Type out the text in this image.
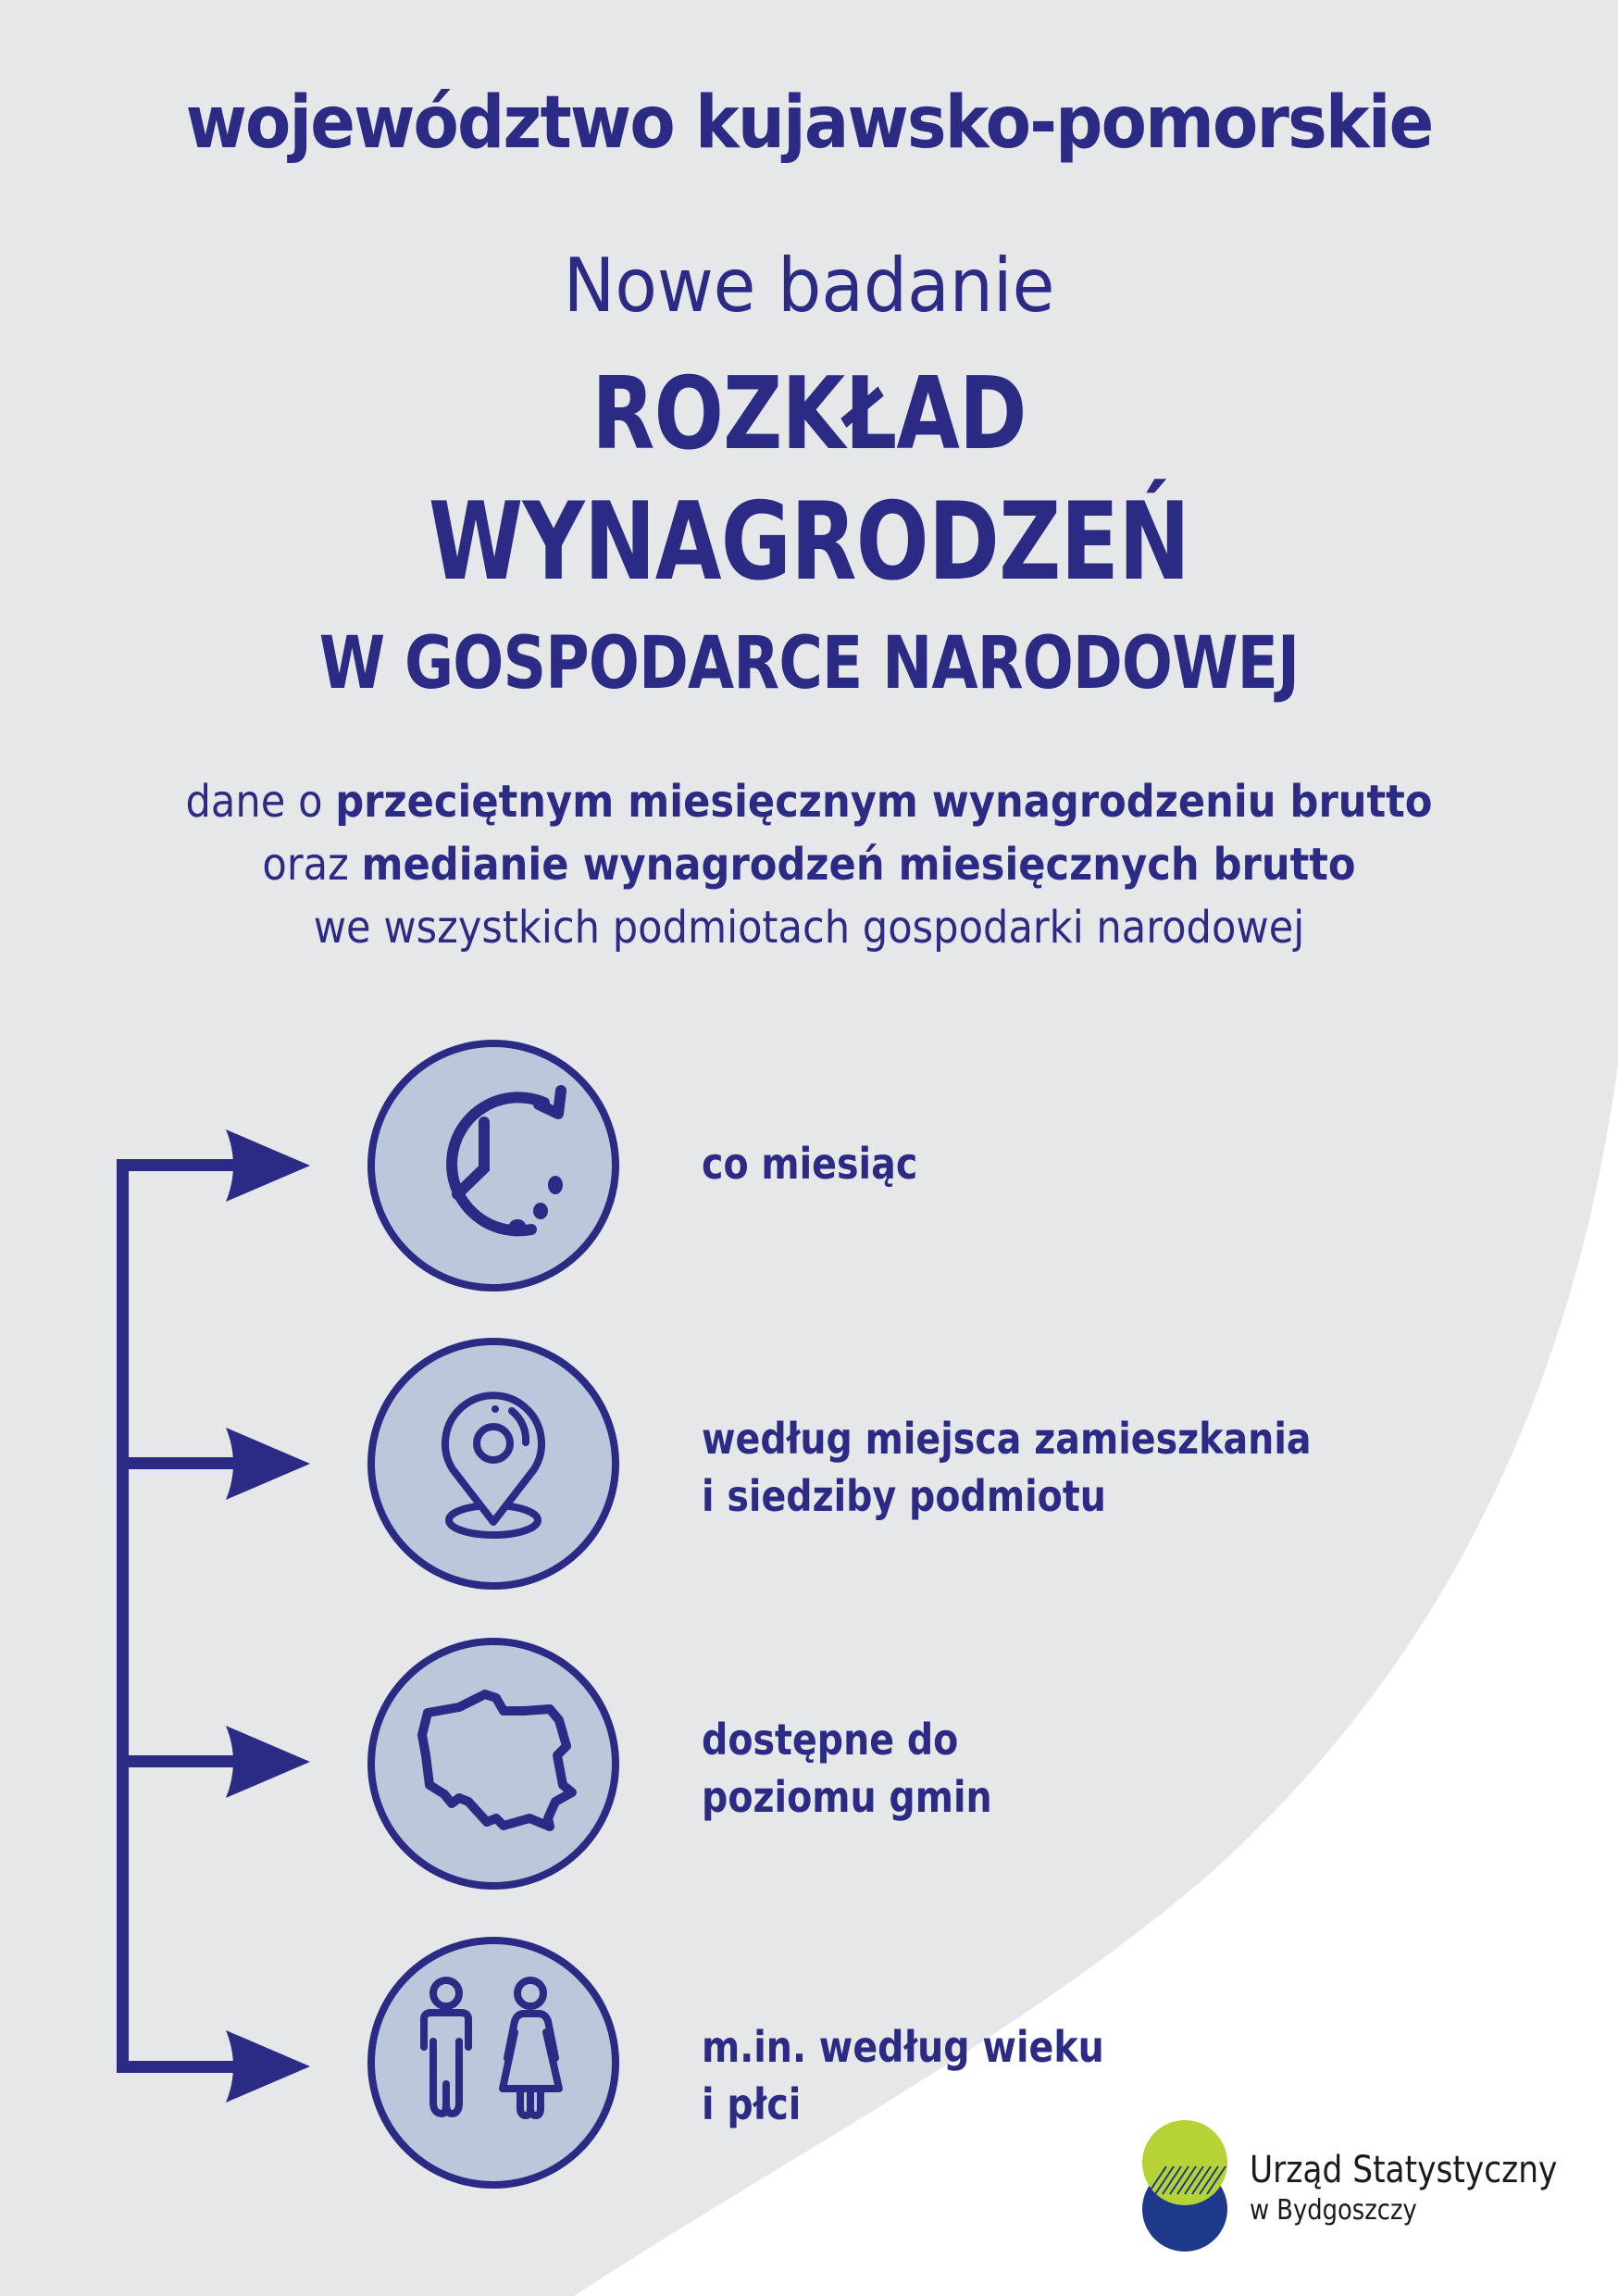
województwo kujawsko-pomorskie
Nowe badanie
ROZKŁAD
WYNAGRODZEŃ
W GOSPODARCE NARODOWEJ
dane o przeciętnym miesięcznym wynagrodzeniu brutto
oraz medianie wynagrodzeń miesięcznych brutto
we wszystkich podmiotach gospodarki narodowej
co miesiąc
według miejsca zamieszkania
i siedziby podmiotu
dostępne do
poziomu gmin
m.in. według wieku
i płci
Urząd Statystyczny
w Bydgoszczy
